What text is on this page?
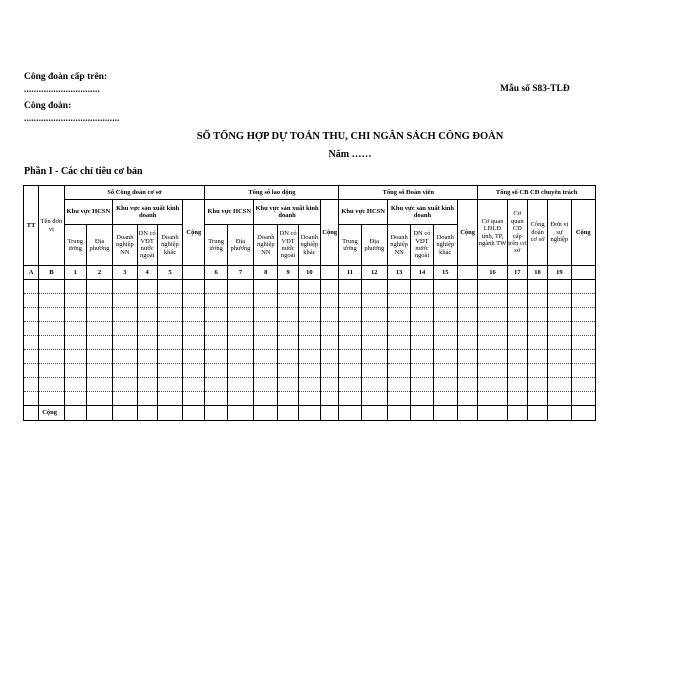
Công đoàn cấp trên:
...............................	Mẫu số S83-TLĐ
Công đoàn:
.......................................
SỔ TỔNG HỢP DỰ TOÁN THU, CHI NGÂN SÁCH CÔNG ĐOÀN
Năm ……
Phần I - Các chỉ tiêu cơ bản
TT	Tên đơn vị	Số Công đoàn cơ sở						Tổng số lao động						Tổng số Đoàn viên						Tổng số CB CĐ chuyên trách				
		Khu vực HCSN		Khu vực sản xuất kinh doanh			Cộng	Khu vực HCSN		Khu vực sản xuất kinh doanh			Cộng	Khu vực HCSN		Khu vực sản xuất kinh doanh			Cộng	Cơ quan LĐLĐ tỉnh, TP, ngành TW	Cơ quan CĐ cấp trên cơ sở	Công đoàn cơ sở	Đơn vị sự nghiệp	Cộng
		Trung ương	Địa phương	Doanh nghiệp NN	DN có VĐT nước ngoài	Doanh nghiệp khác		Trung ương	Địa phương	Doanh nghiệp NN	DN có VĐT nước ngoài	Doanh nghiệp khác		Trung ương	Địa phương	Doanh nghiệp NN	DN có VĐT nước ngoài	Doanh nghiệp khác						
A	B	1	2	3	4	5		6	7	8	9	10		11	12	13	14	15		16	17	18	19	

	Cộng																							
